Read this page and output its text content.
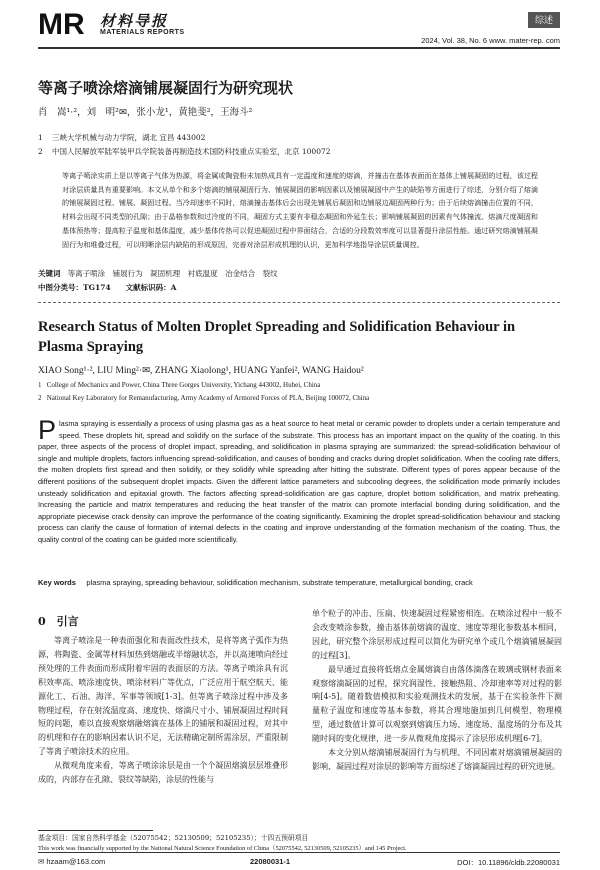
MR 材料导报
MATERIALS REPORTS
综述
2024, Vol. 38, No. 6 www. mater-rep. com
等离子喷涂熔滴铺展凝固行为研究现状
肖　嵩¹·²，刘　明²✉，张小龙¹，黄艳斐²，王海斗²
1 三峡大学机械与动力学院，湖北 宜昌 443002
2 中国人民解放军陆军装甲兵学院装备再制造技术国防科技重点实验室，北京 100072
等离子喷涂实质上是以等离子气体为热源，将金属或陶瓷粉末加热成具有一定温度和速度的熔滴，并撞击在基体表面而在基体上铺展凝固的过程，该过程对涂层质量具有重要影响。本文从单个和多个熔滴的铺展凝固行为、铺展凝固的影响因素以及铺展凝固中产生的缺陷等方面进行了综述，分别介绍了熔滴的铺展凝固过程、铺展、凝固过程。当冷却速率不同时，熔滴撞击基体后会出现先铺展后凝固和边铺展边凝固两种行为；由于后续熔滴撞击位置的不同，材料会出现不同类型的孔隙；由于晶格参数和过冷度的不同，凝固方式主要有非稳态凝固和外延生长；影响铺展凝固的因素有气体撞流、熔滴尺度凝固和基体预热等；提高粒子温度和基体温度，减少基体传热可以促进凝固过程中界面结合，合适的分段数效率度可以显著提升涂层性能。通过研究熔滴铺展凝固行为和堆叠过程，可以明晰涂层内缺陷的形成原因，完善对涂层形成机理的认识，更加科学地指导涂层质量调控。
关键词 等离子喷涂　铺展行为　凝固机理　衬底温度　冶金结合　裂纹
中图分类号：TG174　　文献标识码：A
Research Status of Molten Droplet Spreading and Solidification Behaviour in Plasma Spraying
XIAO Song¹·², LIU Ming²·✉, ZHANG Xiaolong¹, HUANG Yanfei², WANG Haidou²
1 College of Mechanics and Power, China Three Gorges University, Yichang 443002, Hubei, China
2 National Key Laboratory for Remanufacturing, Army Academy of Armored Forces of PLA, Beijing 100072, China

Plasma spraying is essentially a process of using plasma gas as a heat source to heat metal or ceramic powder to droplets under a certain temperature and speed. These droplets hit, spread and solidify on the surface of the substrate. This process has an important impact on the quality of the coating. In this paper, three aspects of the process of droplet impact, spreading, and solidification in plasma spraying are summarized: the spread-solidification behaviour of single and multiple droplets, factors influencing spread-solidification, and causes of bonding and cracks during droplet solidification. When the cooling rate differs, the molten droplets first spread and then solidify, or they solidify while spreading after hitting the substrate. Different types of pores appear because of the different positions of the subsequent droplet impacts. Given the different lattice parameters and subcooling degrees, the solidification mode primarily includes unsteady solidification and epitaxial growth. The factors affecting spread-solidification are gas capture, droplet bottom solidification, and matrix preheating. Increasing the particle and matrix temperatures and reducing the heat transfer of the matrix can promote interfacial bonding during solidification, and the appropriate piecewise crack density can improve the performance of the coating significantly. Examining the droplet spread-solidification behaviour and stacking process can clarify the cause of formation of internal defects in the coating and improve understanding of the formation mechanism of the coating. Thus, the quality control of the coating can be guided more scientifically.

Key words plasma spraying, spreading behaviour, solidification mechanism, substrate temperature, metallurgical bonding, crack
0　引言

等离子喷涂是一种表面强化和表面改性技术，是将等离子弧作为热源，将陶瓷、金属等材料加热到熔融或半熔融状态，并以高速喷向经过预处理的工件表面而形成附着牢固的表面层的方法。等离子喷涂具有沉积效率高、喷涂速度快、喷涂材料广等优点，广泛应用于航空航天、能源化工、石油、海洋、军事等领域[1-3]。但等离子喷涂过程中涉及多物理过程，存在射流温度高、速度快、熔滴尺寸小、铺展凝固过程时间短的问题，难以直接观察熔融熔滴在基体上的铺展和凝固过程，对其中的机理和存在的影响因素认识不足，无法精确定制所需涂层，严重限制了等离子喷涂技术的应用。

从微观角度来看，等离子喷涂涂层是由一个个凝固熔滴层层堆叠形成的，内部存在孔隙、裂纹等缺陷，涂层的性能与

单个粒子的冲击、压扁、快速凝固过程紧密相连。在喷涂过程中一般不会改变喷涂参数，撞击基体前熔滴的温度、速度等理化参数基本相同，因此，研究整个涂层形成过程可以简化为研究单个或几个熔滴铺展凝固的过程[3]。

最早通过直接将低熔点金属熔滴自由落体滴落在玻璃或钢材表面来观察熔滴凝固的过程，探究润湿性、接触热阻、冷却速率等对过程的影响[4-5]。随着数值模拟和实验观测技术的发展，基于在实验条件下测量粒子温度和速度等基本参数，将其合理地施加到几何模型、物理模型，通过数值计算可以观察到熔滴压力场、速度场、温度场的分布及其随时间的变化规律，进一步从微观角度揭示了涂层形成机理[6-7]。

本文分别从熔滴铺展凝固行为与机理、不同因素对熔滴铺展凝固的影响、凝固过程对涂层的影响等方面综述了熔滴凝固过程的研究进展。

基金项目：国家自然科学基金（52075542；52130509；52105235）；十四五预研项目
This work was financially supported by the National Natural Science Foundation of China（52075542, 52130509, 52105235）and 145 Project.
✉ hzaam@163.com	22080031-1	DOI：10.11896/cldb.22080031
